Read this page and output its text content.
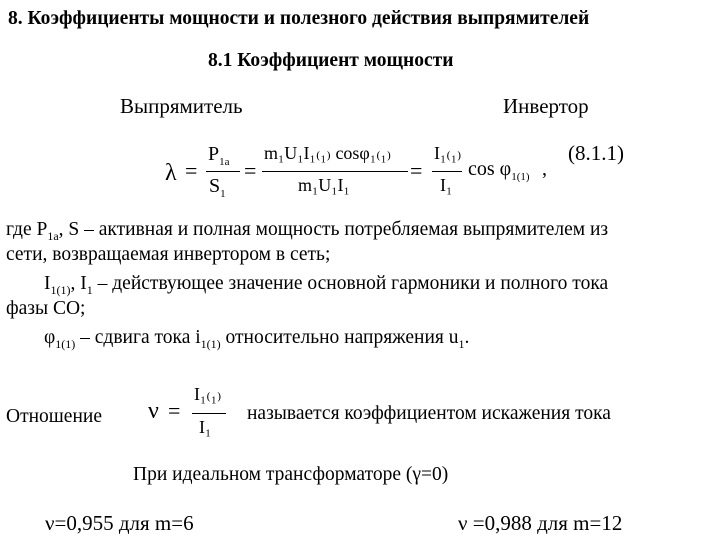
8. Коэффициенты мощности и полезного действия выпрямителей
8.1 Коэффициент мощности
Выпрямитель	Инвертор
λ =
$P_{1а}$
$S_1$
=
m₁U₁I₁₍₁₎ cosφ₁₍₁₎
m₁U₁I₁
=
I₁₍₁₎
I₁
$\cos \varphi_{1(1)}$ ,
(8.1.1)
где $P_{1a}$, S – активная и полная мощность потребляемая выпрямителем из
сети, возвращаемая инвертором в сеть;
$I_{1(1)}$, $I_1$ – действующее значение основной гармоники и полного тока
фазы СО;
$\varphi_{1(1)}$ – сдвига тока $i_{1(1)}$ относительно напряжения $u_1$.
Отношение ν =
I₁₍₁₎
I₁
называется коэффициентом искажения тока
При идеальном трансформаторе (γ=0)
ν=0,955 для m=6	ν =0,988 для m=12
